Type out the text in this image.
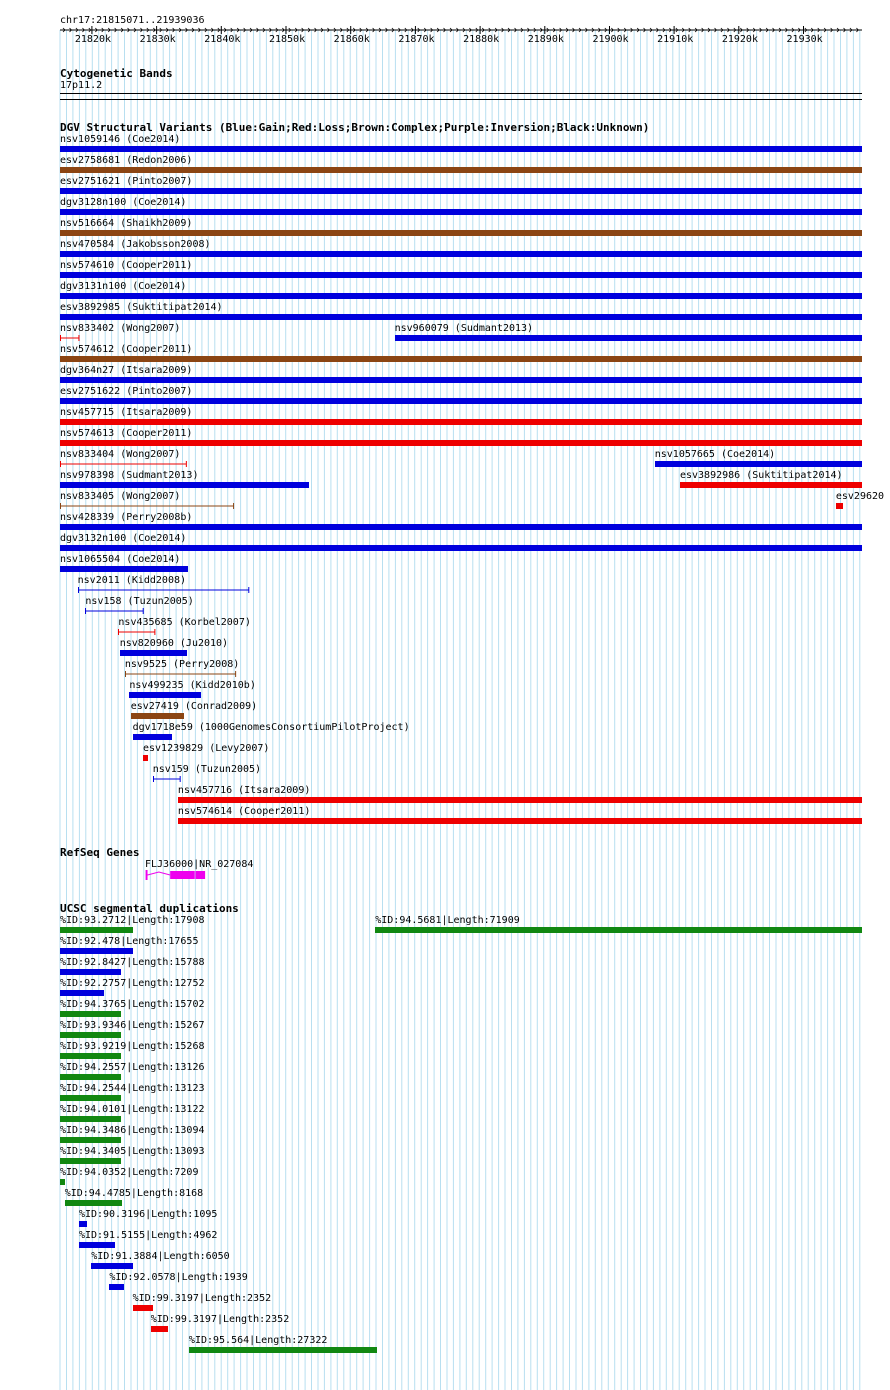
chr17:21815071..21939036
21820k	21830k	21840k	21850k	21860k	21870k	21880k	21890k	21900k	21910k	21920k	21930k
Cytogenetic Bands
17p11.2
DGV Structural Variants (Blue:Gain;Red:Loss;Brown:Complex;Purple:Inversion;Black:Unknown)
nsv1059146 (Coe2014)
esv2758681 (Redon2006)
esv2751621 (Pinto2007)
dgv3128n100 (Coe2014)
nsv516664 (Shaikh2009)
nsv470584 (Jakobsson2008)
nsv574610 (Cooper2011)
dgv3131n100 (Coe2014)
esv3892985 (Suktitipat2014)
nsv833402 (Wong2007)	nsv960079 (Sudmant2013)
nsv574612 (Cooper2011)
dgv364n27 (Itsara2009)
esv2751622 (Pinto2007)
nsv457715 (Itsara2009)
nsv574613 (Cooper2011)
nsv833404 (Wong2007)	nsv1057665 (Coe2014)
nsv978398 (Sudmant2013)	esv3892986 (Suktitipat2014)
nsv833405 (Wong2007)	esv29620
nsv428339 (Perry2008b)
dgv3132n100 (Coe2014)
nsv1065504 (Coe2014)
nsv2011 (Kidd2008)
nsv158 (Tuzun2005)
nsv435685 (Korbel2007)
nsv820960 (Ju2010)
nsv9525 (Perry2008)
nsv499235 (Kidd2010b)
esv27419 (Conrad2009)
dgv1718e59 (1000GenomesConsortiumPilotProject)
esv1239829 (Levy2007)
nsv159 (Tuzun2005)
nsv457716 (Itsara2009)
nsv574614 (Cooper2011)
RefSeq Genes
FLJ36000|NR_027084
UCSC segmental duplications
%ID:93.2712|Length:17908	%ID:94.5681|Length:71909
%ID:92.478|Length:17655
%ID:92.8427|Length:15788
%ID:92.2757|Length:12752
%ID:94.3765|Length:15702
%ID:93.9346|Length:15267
%ID:93.9219|Length:15268
%ID:94.2557|Length:13126
%ID:94.2544|Length:13123
%ID:94.0101|Length:13122
%ID:94.3486|Length:13094
%ID:94.3405|Length:13093
%ID:94.0352|Length:7209
%ID:94.4785|Length:8168
%ID:90.3196|Length:1095
%ID:91.5155|Length:4962
%ID:91.3884|Length:6050
%ID:92.0578|Length:1939
%ID:99.3197|Length:2352
%ID:99.3197|Length:2352
%ID:95.564|Length:27322
